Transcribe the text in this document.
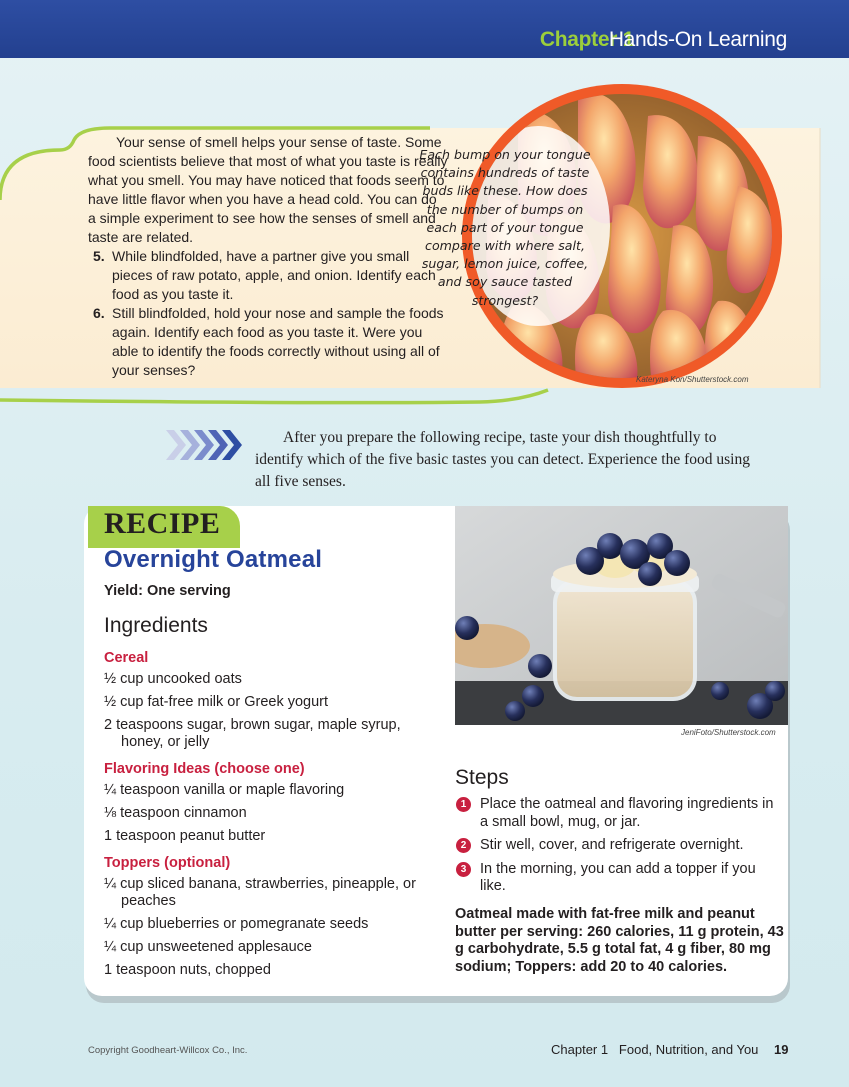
Chapter 1
Hands-On Learning

Your sense of smell helps your sense of taste. Some food scientists believe that most of what you taste is really what you smell. You may have noticed that foods seem to have little flavor when you have a head cold. You can do a simple experiment to see how the senses of smell and taste are related.

5. While blindfolded, have a partner give you small pieces of raw potato, apple, and onion. Identify each food as you taste it.
6. Still blindfolded, hold your nose and sample the foods again. Identify each food as you taste it. Were you able to identify the foods correctly without using all of your senses?
Each bump on your tongue contains hundreds of taste buds like these. How does the number of bumps on each part of your tongue compare with where salt, sugar, lemon juice, coffee, and soy sauce tasted strongest?
Kateryna Kon/Shutterstock.com
After you prepare the following recipe, taste your dish thoughtfully to identify which of the five basic tastes you can detect. Experience the food using all five senses.
RECIPE
Overnight Oatmeal
Yield: One serving
Ingredients
Cereal
½ cup uncooked oats
½ cup fat-free milk or Greek yogurt
2 teaspoons sugar, brown sugar, maple syrup, honey, or jelly
Flavoring Ideas (choose one)
¼ teaspoon vanilla or maple flavoring
⅛ teaspoon cinnamon
1 teaspoon peanut butter
Toppers (optional)
¼ cup sliced banana, strawberries, pineapple, or peaches
¼ cup blueberries or pomegranate seeds
¼ cup unsweetened applesauce
1 teaspoon nuts, chopped
JeniFoto/Shutterstock.com
Steps
1 Place the oatmeal and flavoring ingredients in a small bowl, mug, or jar.
2 Stir well, cover, and refrigerate overnight.
3 In the morning, you can add a topper if you like.
Oatmeal made with fat-free milk and peanut butter per serving: 260 calories, 11 g protein, 43 g carbohydrate, 5.5 g total fat, 4 g fiber, 80 mg sodium; Toppers: add 20 to 40 calories.
Copyright Goodheart-Willcox Co., Inc.	Chapter 1   Food, Nutrition, and You 19
